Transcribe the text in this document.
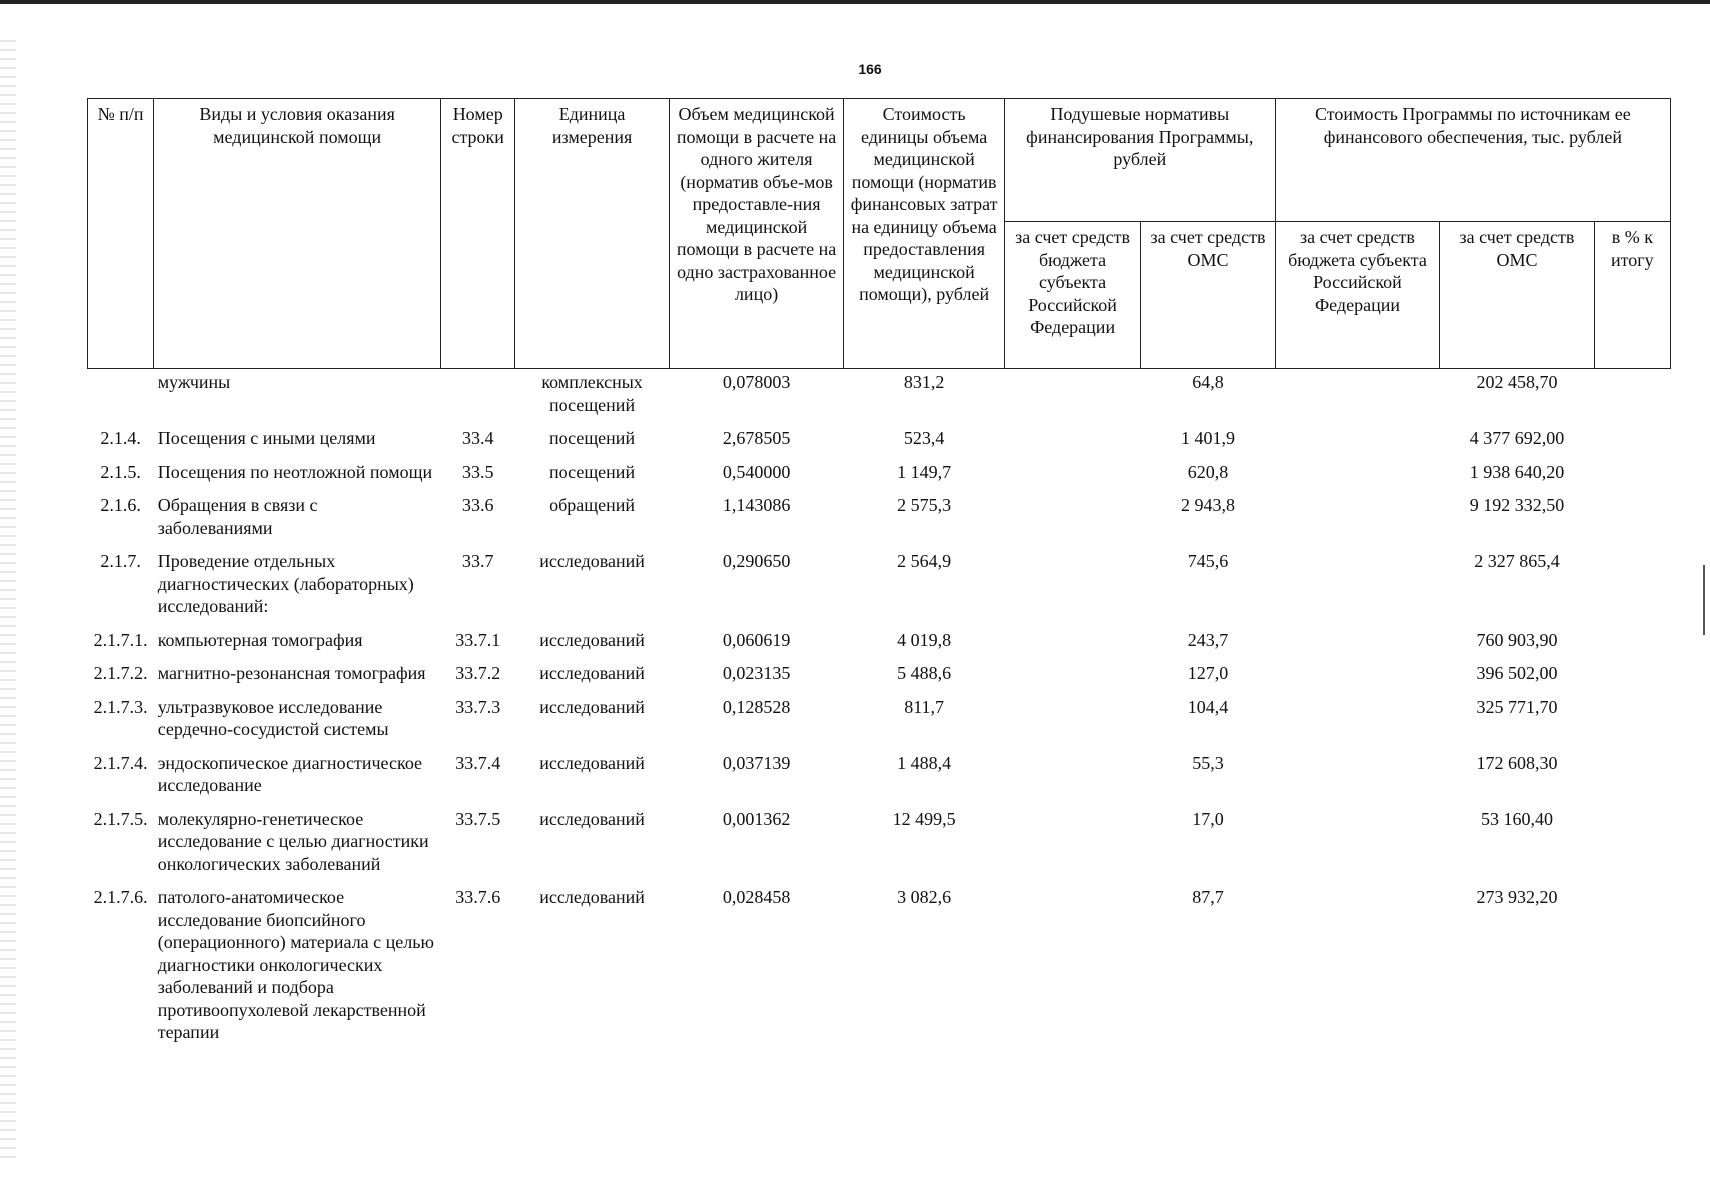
166
№ п/п	Виды и условия оказания медицинской помощи	Номер строки	Единица измерения	Объем медицинской помощи в расчете на одного жителя (норматив объе-мов предоставле-ния медицинской помощи в расчете на одно застрахованное лицо)	Стоимость единицы объема медицинской помощи (норматив финансовых затрат на единицу объема предоставления медицинской помощи), рублей	Подушевые нормативы финансирования Программы, рублей		Стоимость Программы по источникам ее финансового обеспечения, тыс. рублей		
						за счет средств бюджета субъекта Российской Федерации	за счет средств ОМС	за счет средств бюджета субъекта Российской Федерации	за счет средств ОМС	в % к итогу
	мужчины		комплексных посещений	0,078003	831,2		64,8		202 458,70	
2.1.4.	Посещения с иными целями	33.4	посещений	2,678505	523,4		1 401,9		4 377 692,00	
2.1.5.	Посещения по неотложной помощи	33.5	посещений	0,540000	1 149,7		620,8		1 938 640,20	
2.1.6.	Обращения в связи с заболеваниями	33.6	обращений	1,143086	2 575,3		2 943,8		9 192 332,50	
2.1.7.	Проведение отдельных диагностических (лабораторных) исследований:	33.7	исследований	0,290650	2 564,9		745,6		2 327 865,4	
2.1.7.1.	компьютерная томография	33.7.1	исследований	0,060619	4 019,8		243,7		760 903,90	
2.1.7.2.	магнитно-резонансная томография	33.7.2	исследований	0,023135	5 488,6		127,0		396 502,00	
2.1.7.3.	ультразвуковое исследование сердечно-сосудистой системы	33.7.3	исследований	0,128528	811,7		104,4		325 771,70	
2.1.7.4.	эндоскопическое диагностическое исследование	33.7.4	исследований	0,037139	1 488,4		55,3		172 608,30	
2.1.7.5.	молекулярно-генетическое исследование с целью диагностики онкологических заболеваний	33.7.5	исследований	0,001362	12 499,5		17,0		53 160,40	
2.1.7.6.	патолого-анатомическое исследование биопсийного (операционного) материала с целью диагностики онкологических заболеваний и подбора противоопухолевой лекарственной терапии	33.7.6	исследований	0,028458	3 082,6		87,7		273 932,20	
